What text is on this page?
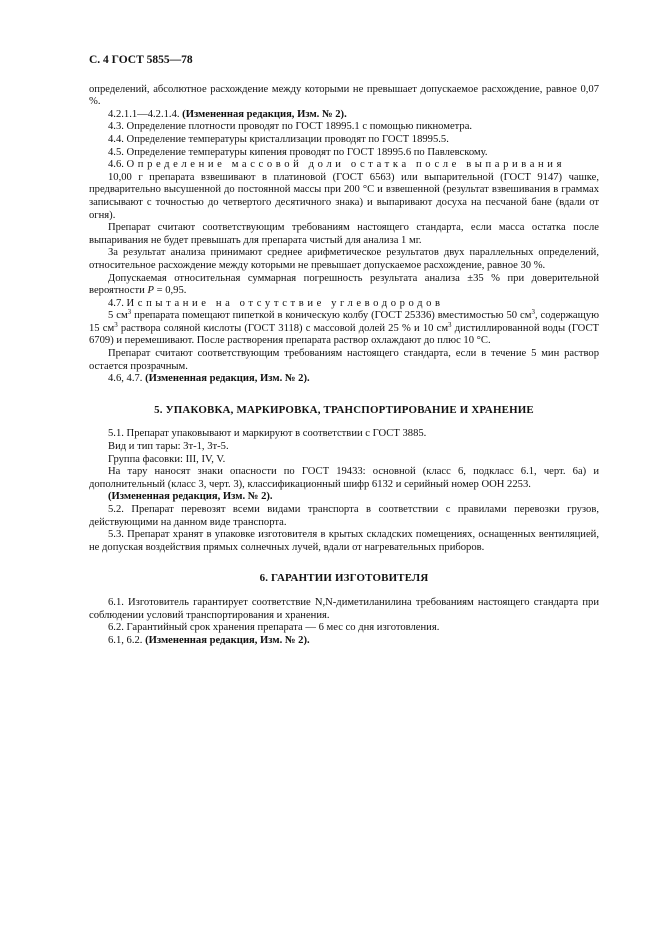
С. 4 ГОСТ 5855—78

определений, абсолютное расхождение между которыми не превышает допускаемое расхождение, равное 0,07 %.

4.2.1.1—4.2.1.4. (Измененная редакция, Изм. № 2).

4.3. Определение плотности проводят по ГОСТ 18995.1 с помощью пикнометра.

4.4. Определение температуры кристаллизации проводят по ГОСТ 18995.5.

4.5. Определение температуры кипения проводят по ГОСТ 18995.6 по Павлевскому.

4.6. Определение массовой доли остатка после выпаривания

10,00 г препарата взвешивают в платиновой (ГОСТ 6563) или выпарительной (ГОСТ 9147) чашке, предварительно высушенной до постоянной массы при 200 °С и взвешенной (результат взвешивания в граммах записывают с точностью до четвертого десятичного знака) и выпаривают досуха на песчаной бане (вдали от огня).

Препарат считают соответствующим требованиям настоящего стандарта, если масса остатка после выпаривания не будет превышать для препарата чистый для анализа 1 мг.

За результат анализа принимают среднее арифметическое результатов двух параллельных определений, относительное расхождение между которыми не превышает допускаемое расхождение, равное 30 %.

Допускаемая относительная суммарная погрешность результата анализа ±35 % при доверительной вероятности Р = 0,95.

4.7. Испытание на отсутствие углеводородов

5 $см^3$ препарата помещают пипеткой в коническую колбу (ГОСТ 25336) вместимостью 50 $см^3$, содержащую 15 $см^3$ раствора соляной кислоты (ГОСТ 3118) с массовой долей 25 % и 10 $см^3$ дистиллированной воды (ГОСТ 6709) и перемешивают. После растворения препарата раствор охлаждают до плюс 10 °С.

Препарат считают соответствующим требованиям настоящего стандарта, если в течение 5 мин раствор остается прозрачным.

4.6, 4.7. (Измененная редакция, Изм. № 2).

5. УПАКОВКА, МАРКИРОВКА, ТРАНСПОРТИРОВАНИЕ И ХРАНЕНИЕ

5.1. Препарат упаковывают и маркируют в соответствии с ГОСТ 3885.

Вид и тип тары: 3т-1, 3т-5.

Группа фасовки: III, IV, V.

На тару наносят знаки опасности по ГОСТ 19433: основной (класс 6, подкласс 6.1, черт. 6а) и дополнительный (класс 3, черт. 3), классификационный шифр 6132 и серийный номер ООН 2253.

(Измененная редакция, Изм. № 2).

5.2. Препарат перевозят всеми видами транспорта в соответствии с правилами перевозки грузов, действующими на данном виде транспорта.

5.3. Препарат хранят в упаковке изготовителя в крытых складских помещениях, оснащенных вентиляцией, не допуская воздействия прямых солнечных лучей, вдали от нагревательных приборов.

6. ГАРАНТИИ ИЗГОТОВИТЕЛЯ

6.1. Изготовитель гарантирует соответствие N,N-диметиланилина требованиям настоящего стандарта при соблюдении условий транспортирования и хранения.

6.2. Гарантийный срок хранения препарата — 6 мес со дня изготовления.

6.1, 6.2. (Измененная редакция, Изм. № 2).
